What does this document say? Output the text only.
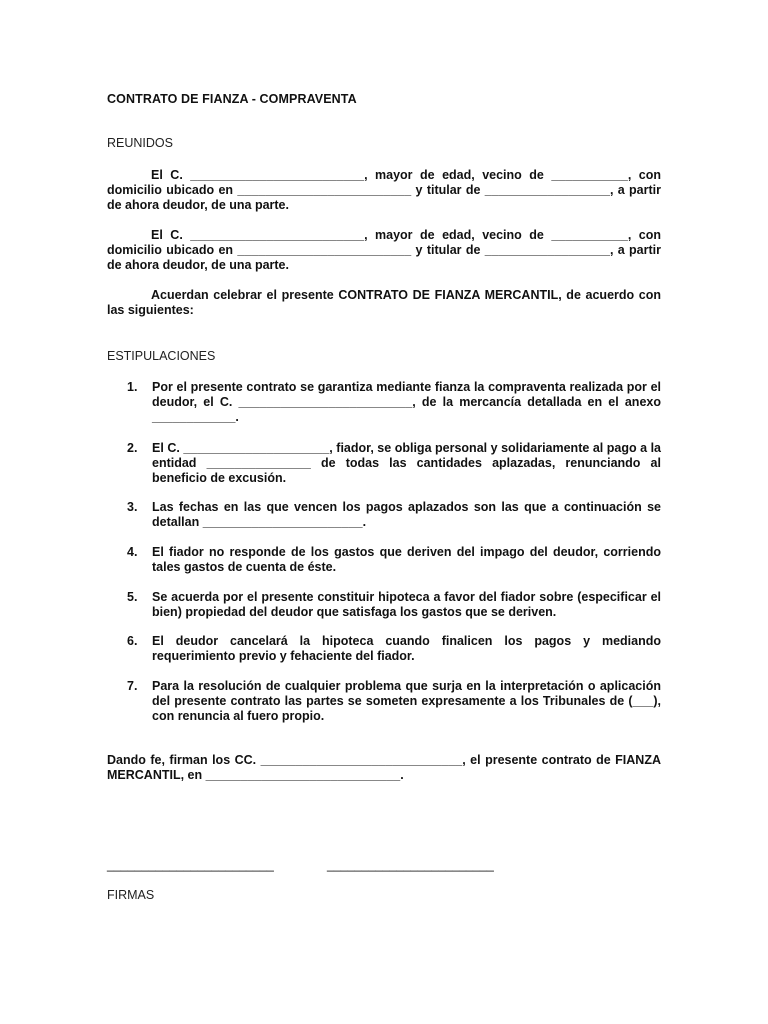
CONTRATO DE FIANZA - COMPRAVENTA
REUNIDOS
El C. _________________________, mayor de edad, vecino de ___________, con domicilio ubicado en _________________________ y titular de __________________, a partir de ahora deudor, de una parte.
El C. _________________________, mayor de edad, vecino de ___________, con domicilio ubicado en _________________________ y titular de __________________, a partir de ahora deudor, de una parte.
Acuerdan celebrar el presente CONTRATO DE FIANZA MERCANTIL, de acuerdo con las siguientes:
ESTIPULACIONES
1.	Por el presente contrato se garantiza mediante fianza la compraventa realizada por el deudor, el C. _________________________, de la mercancía detallada en el anexo ____________.
2.	El C. _____________________, fiador, se obliga personal y solidariamente al pago a la entidad _______________ de todas las cantidades aplazadas, renunciando al beneficio de excusión.
3.	Las fechas en las que vencen los pagos aplazados son las que a continuación se detallan _______________________.
4.	El fiador no responde de los gastos que deriven del impago del deudor, corriendo tales gastos de cuenta de éste.
5.	Se acuerda por el presente constituir hipoteca a favor del fiador sobre (especificar el bien) propiedad del deudor que satisfaga los gastos que se deriven.
6.	El deudor cancelará la hipoteca cuando finalicen los pagos y mediando requerimiento previo y fehaciente del fiador.
7.	Para la resolución de cualquier problema que surja en la interpretación o aplicación del presente contrato las partes se someten expresamente a los Tribunales de (___), con renuncia al fuero propio.
Dando fe, firman los CC. _____________________________, el presente contrato de FIANZA MERCANTIL, en ____________________________.
________________________	________________________
FIRMAS
